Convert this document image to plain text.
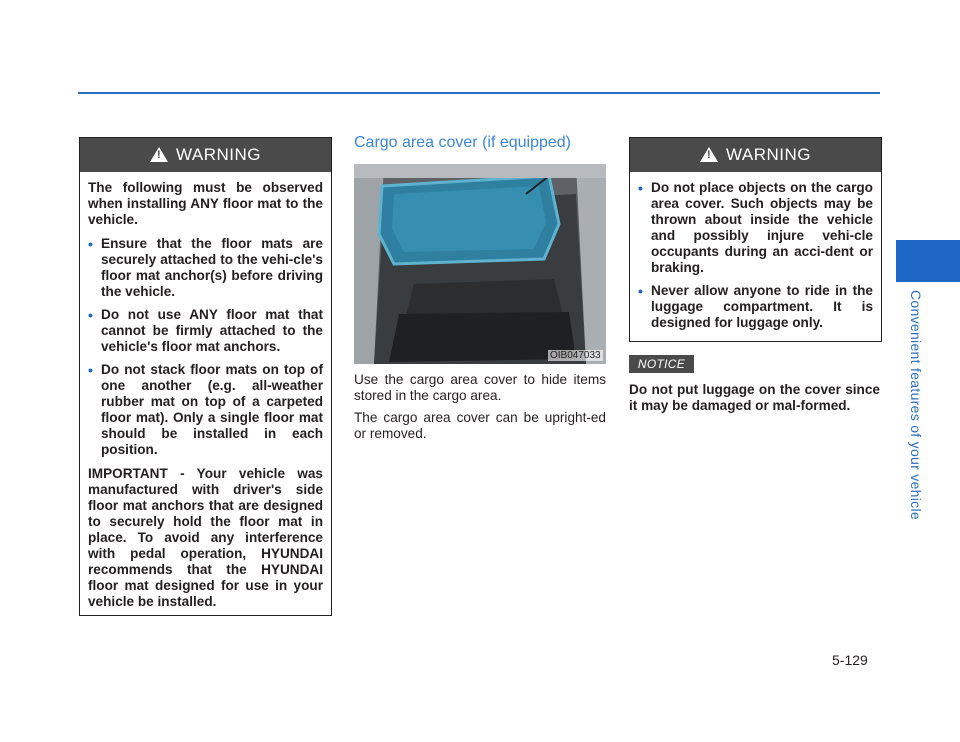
Convenient features of your vehicle
!
WARNING

The following must be observed when installing ANY floor mat to the vehicle.

• Ensure that the floor mats are securely attached to the vehi-cle's floor mat anchor(s) before driving the vehicle.
• Do not use ANY floor mat that cannot be firmly attached to the vehicle's floor mat anchors.
• Do not stack floor mats on top of one another (e.g. all-weather rubber mat on top of a carpeted floor mat). Only a single floor mat should be installed in each position.

IMPORTANT - Your vehicle was manufactured with driver's side floor mat anchors that are designed to securely hold the floor mat in place. To avoid any interference with pedal operation, HYUNDAI recommends that the HYUNDAI floor mat designed for use in your vehicle be installed.

Cargo area cover (if equipped)
OIB047033

Use the cargo area cover to hide items stored in the cargo area.

The cargo area cover can be upright-ed or removed.

!
WARNING
• Do not place objects on the cargo area cover. Such objects may be thrown about inside the vehicle and possibly injure vehi-cle occupants during an acci-dent or braking.
• Never allow anyone to ride in the luggage compartment. It is designed for luggage only.
NOTICE
Do not put luggage on the cover since it may be damaged or mal-formed.
5-129
